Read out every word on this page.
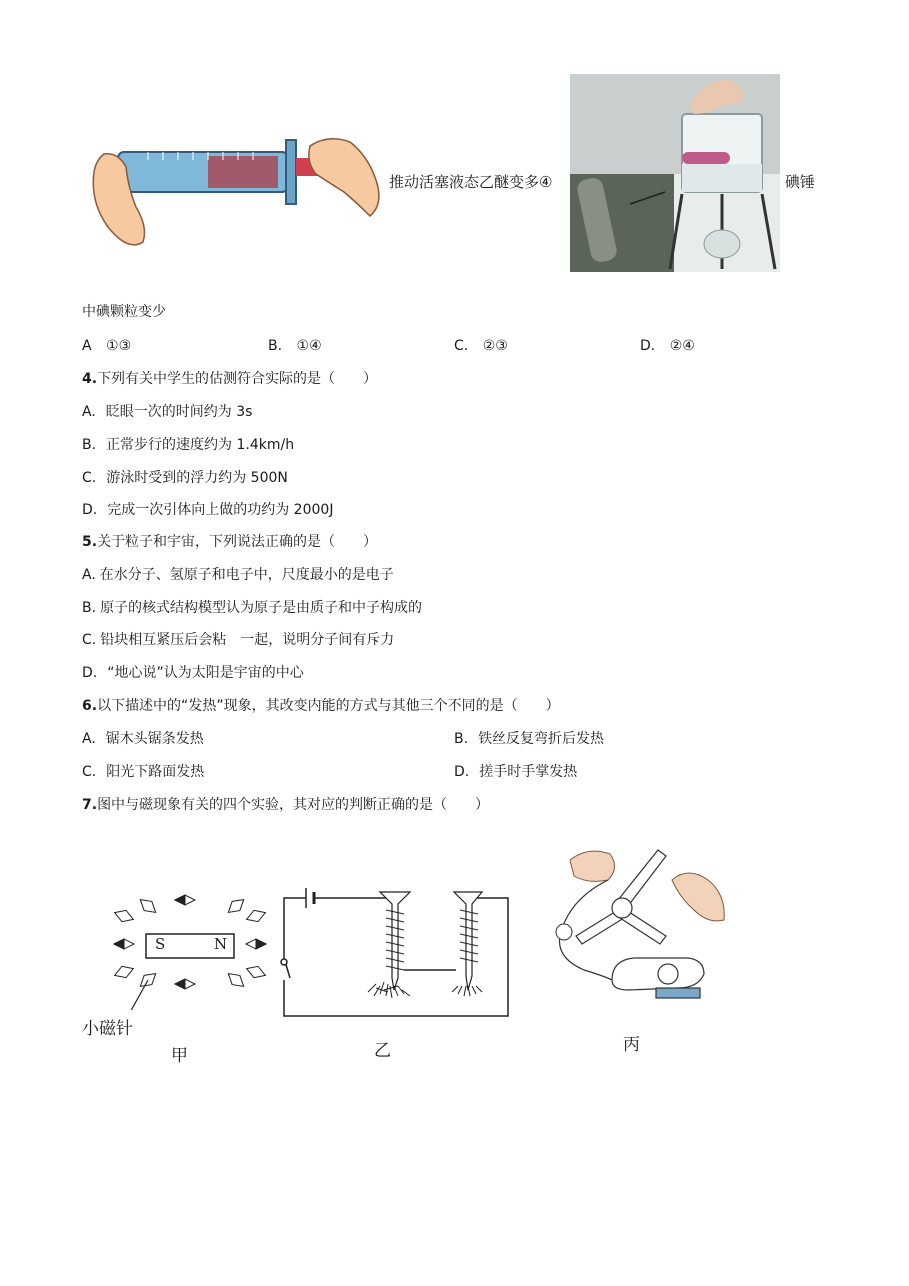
推动活塞液态乙醚变多④	碘锤
中碘颗粒变少
A ①③	B. ①④	C. ②③	D. ②④
4.下列有关中学生的估测符合实际的是（　　）
A. 眨眼一次的时间约为 3s
B. 正常步行的速度约为 1.4km/h
C. 游泳时受到的浮力约为 500N
D. 完成一次引体向上做的功约为 2000J
5.关于粒子和宇宙，下列说法正确的是（　　）
A. 在水分子、氢原子和电子中，尺度最小的是电子
B. 原子的核式结构模型认为原子是由质子和中子构成的
C. 铅块相互紧压后会粘　一起，说明分子间有斥力
D. “地心说”认为太阳是宇宙的中心
6.以下描述中的“发热”现象，其改变内能的方式与其他三个不同的是（　　）
A. 锯木头锯条发热	B. 铁丝反复弯折后发热
C. 阳光下路面发热	D. 搓手时手掌发热
7.图中与磁现象有关的四个实验，其对应的判断正确的是（　　）
S	N
小磁针
甲	乙	丙
